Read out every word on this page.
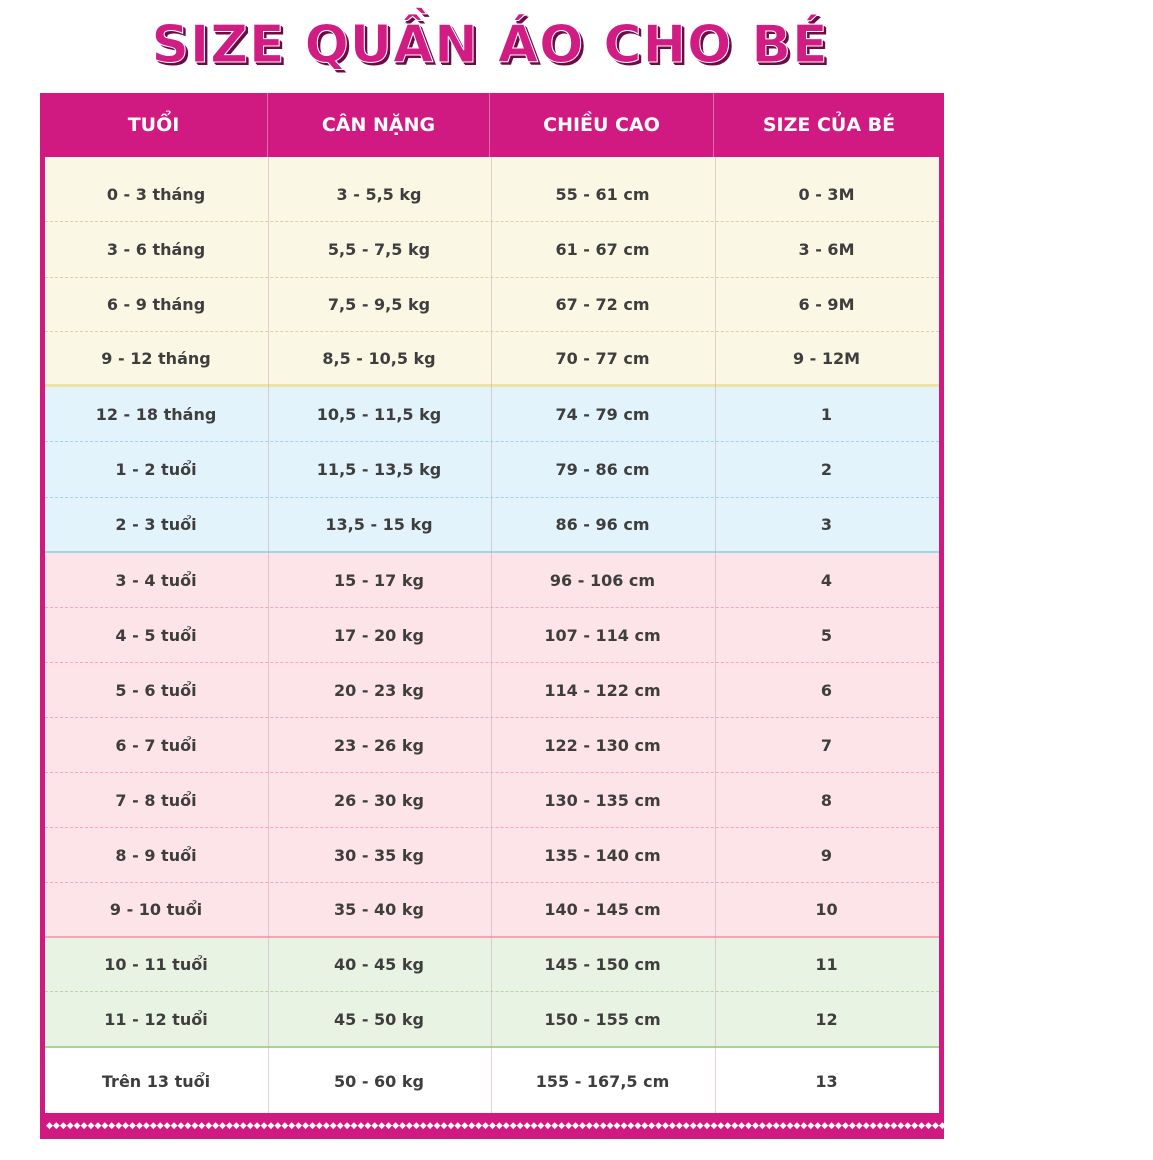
SIZE QUẦN ÁO CHO BÉ
TUỔI	CÂN NẶNG	CHIỀU CAO	SIZE CỦA BÉ
0 - 3 tháng	3 - 5,5 kg	55 - 61 cm	0 - 3M
3 - 6 tháng	5,5 - 7,5 kg	61 - 67 cm	3 - 6M
6 - 9 tháng	7,5 - 9,5 kg	67 - 72 cm	6 - 9M
9 - 12 tháng	8,5 - 10,5 kg	70 - 77 cm	9 - 12M
12 - 18 tháng	10,5 - 11,5 kg	74 - 79 cm	1
1 - 2 tuổi	11,5 - 13,5 kg	79 - 86 cm	2
2 - 3 tuổi	13,5 - 15 kg	86 - 96 cm	3
3 - 4 tuổi	15 - 17 kg	96 - 106 cm	4
4 - 5 tuổi	17 - 20 kg	107 - 114 cm	5
5 - 6 tuổi	20 - 23 kg	114 - 122 cm	6
6 - 7 tuổi	23 - 26 kg	122 - 130 cm	7
7 - 8 tuổi	26 - 30 kg	130 - 135 cm	8
8 - 9 tuổi	30 - 35 kg	135 - 140 cm	9
9 - 10 tuổi	35 - 40 kg	140 - 145 cm	10
10 - 11 tuổi	40 - 45 kg	145 - 150 cm	11
11 - 12 tuổi	45 - 50 kg	150 - 155 cm	12
Trên 13 tuổi	50 - 60 kg	155 - 167,5 cm	13
◆◆◆◆◆◆◆◆◆◆◆◆◆◆◆◆◆◆◆◆◆◆◆◆◆◆◆◆◆◆◆◆◆◆◆◆◆◆◆◆◆◆◆◆◆◆◆◆◆◆◆◆◆◆◆◆◆◆◆◆◆◆◆◆◆◆◆◆◆◆◆◆◆◆◆◆◆◆◆◆◆◆◆◆◆◆◆◆◆◆◆◆◆◆◆◆◆◆◆◆◆◆◆◆◆◆◆◆◆◆◆◆◆◆◆◆◆◆◆◆◆◆◆◆◆◆◆◆◆◆◆◆◆◆◆◆◆◆◆◆◆◆◆◆◆◆◆◆◆◆◆◆◆◆◆◆◆◆◆◆
